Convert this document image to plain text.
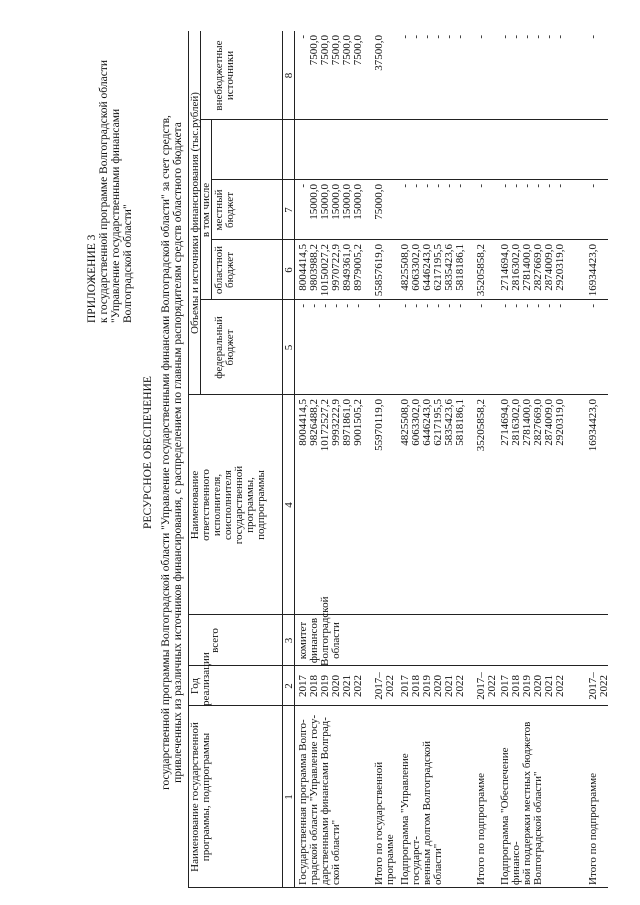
ПРИЛОЖЕНИЕ 3 к государственной программе Волгоградской области "Управление государственными финансами Волгоградской области"
РЕСУРСНОЕ ОБЕСПЕЧЕНИЕ государственной программы Волгоградской области "Управление государственными финансами Волгоградской области" за счет средств, привлеченных из различных источников финансирования, с распределением по главным распорядителям средств областного бюджета
Наименование государственной программы, подпрограммы
Год реализации
всего
Наименование ответственного исполнителя, соисполнителя государственной программы, подпрограммы
Объемы и источники финансирования (тыс.рублей)
федеральный бюджет
в том числе
областной бюджет
местный бюджет
внебюджетные источники
1
2
3
4
5
6
7
8
Государственная программа Волго- градской области "Управление госу- дарственными финансами Волград- ской области"
2017 2018 2019 2020 2021 2022
комитет финансов Волгоградской области
8004414,5 9826488,2 10172527,2 9993222,9 8971861,0 9001505,2
- - - - - -
8004414,5 9803988,2 10150027,2 9970722,9 8949361,0 8979005,2
- 15000,0 15000,0 15000,0 15000,0 15000,0
- 7500,0 7500,0 7500,0 7500,0 7500,0
Итого по государственной программе
2017–2022
55970119,0
-
55857619,0
75000,0
37500,0
Подпрограмма "Управление государст- венным долгом Волгоградской области"
2017 2018 2019 2020 2021 2022
4825508,0 6063302,0 6446243,0 6217195,5 5835423,6 5818186,1
- - - - - -
4825508,0 6063302,0 6446243,0 6217195,5 5835423,6 5818186,1
- - - - - -
- - - - - -
Итого по подпрограмме
2017–2022
35205858,2
-
35205858,2
-
-
Подпрограмма "Обеспечение финансо- вой поддержки местных бюджетов Волгоградской области"
2017 2018 2019 2020 2021 2022
2714694,0 2816302,0 2781400,0 2827669,0 2874009,0 2920319,0
- - - - - -
2714694,0 2816302,0 2781400,0 2827669,0 2874009,0 2920319,0
- - - - - -
- - - - - -
Итого по подпрограмме
2017–2022
16934423,0
-
16934423,0
-
-
